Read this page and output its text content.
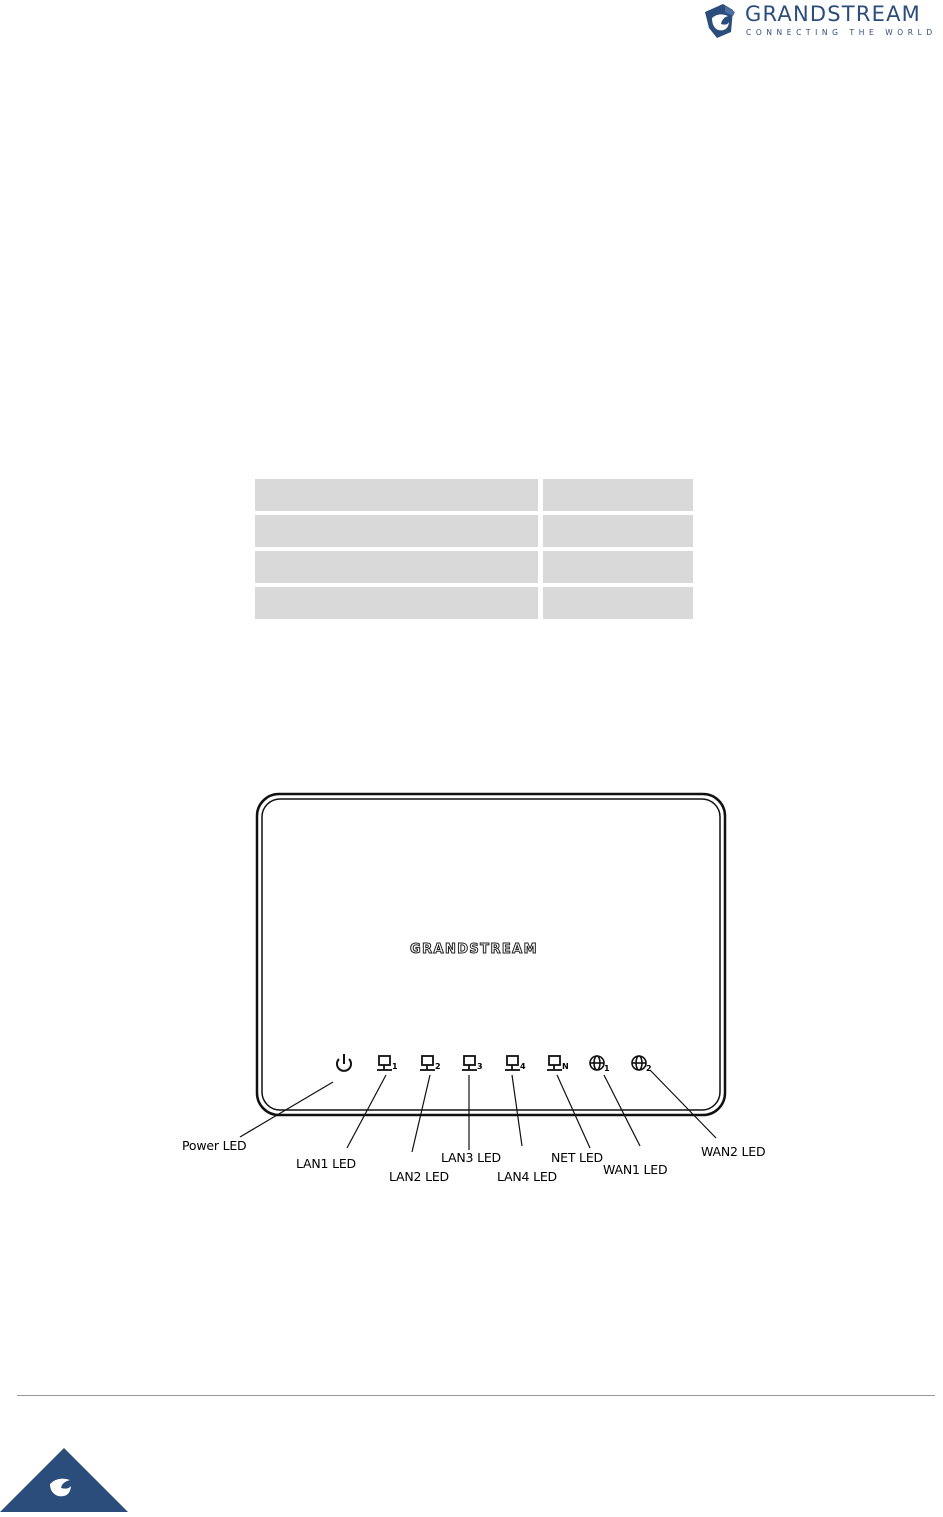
GRANDSTREAM
CONNECTING THE WORLD
1	2	3	4	N	1	2
GRANDSTREAM
Power LED
LAN1 LED
LAN2 LED
LAN3 LED
LAN4 LED
NET LED
WAN1 LED
WAN2 LED
